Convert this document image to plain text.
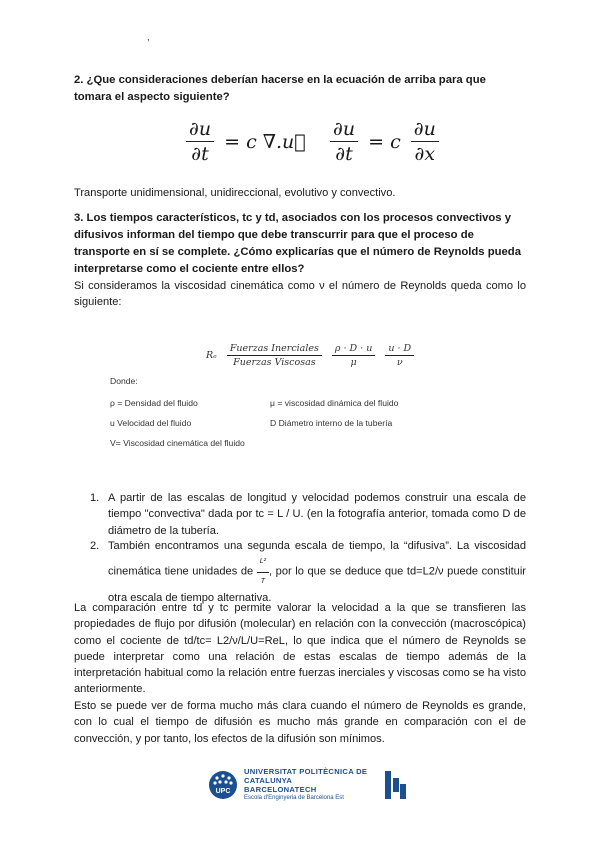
,
2. ¿Que consideraciones deberían hacerse en la ecuación de arriba para que tomara el aspecto siguiente?
$\frac{\partial u}{\partial t} = c$ ∇.u⃗ $\frac{\partial u}{\partial t} = c \frac{\partial u}{\partial x}$
Transporte unidimensional, unidireccional, evolutivo y convectivo.
3. Los tiempos característicos, tc y td, asociados con los procesos convectivos y difusivos informan del tiempo que debe transcurrir para que el proceso de transporte en sí se complete. ¿Cómo explicarías que el número de Reynolds pueda interpretarse como el cociente entre ellos?
Si consideramos la viscosidad cinemática como ν el número de Reynolds queda como lo siguiente:
Rₑ $\frac{\text{Fuerzas Inerciales}}{\text{Fuerzas Viscosas}} \frac{\rho \cdot D \cdot u}{\mu} \frac{u \cdot D}{\nu}$
Donde:
ρ = Densidad del fluido	μ = viscosidad dinámica del fluido
u Velocidad del fluido	D Diámetro interno de la tubería
V= Viscosidad cinemática del fluido
1. A partir de las escalas de longitud y velocidad podemos construir una escala de tiempo "convectiva" dada por tc = L / U. (en la fotografía anterior, tomada como D de diámetro de la tubería.
2. También encontramos una segunda escala de tiempo, la “difusiva”. La viscosidad cinemática tiene unidades de $\frac{\text{L²}}{T}$ , por lo que se deduce que td=L2/ν puede constituir otra escala de tiempo alternativa.
La comparación entre td y tc permite valorar la velocidad a la que se transfieren las propiedades de flujo por difusión (molecular) en relación con la convección (macroscópica) como el cociente de td/tc= L2/ν/L/U=ReL, lo que indica que el número de Reynolds se puede interpretar como una relación de estas escalas de tiempo además de la interpretación habitual como la relación entre fuerzas inerciales y viscosas como se ha visto anteriormente.
Esto se puede ver de forma mucho más clara cuando el número de Reynolds es grande, con lo cual el tiempo de difusión es mucho más grande en comparación con el de convección, y por tanto, los efectos de la difusión son mínimos.
UPC
UNIVERSITAT POLITÈCNICA DE CATALUNYA
BARCELONATECH
Escola d'Enginyeria de Barcelona Est
